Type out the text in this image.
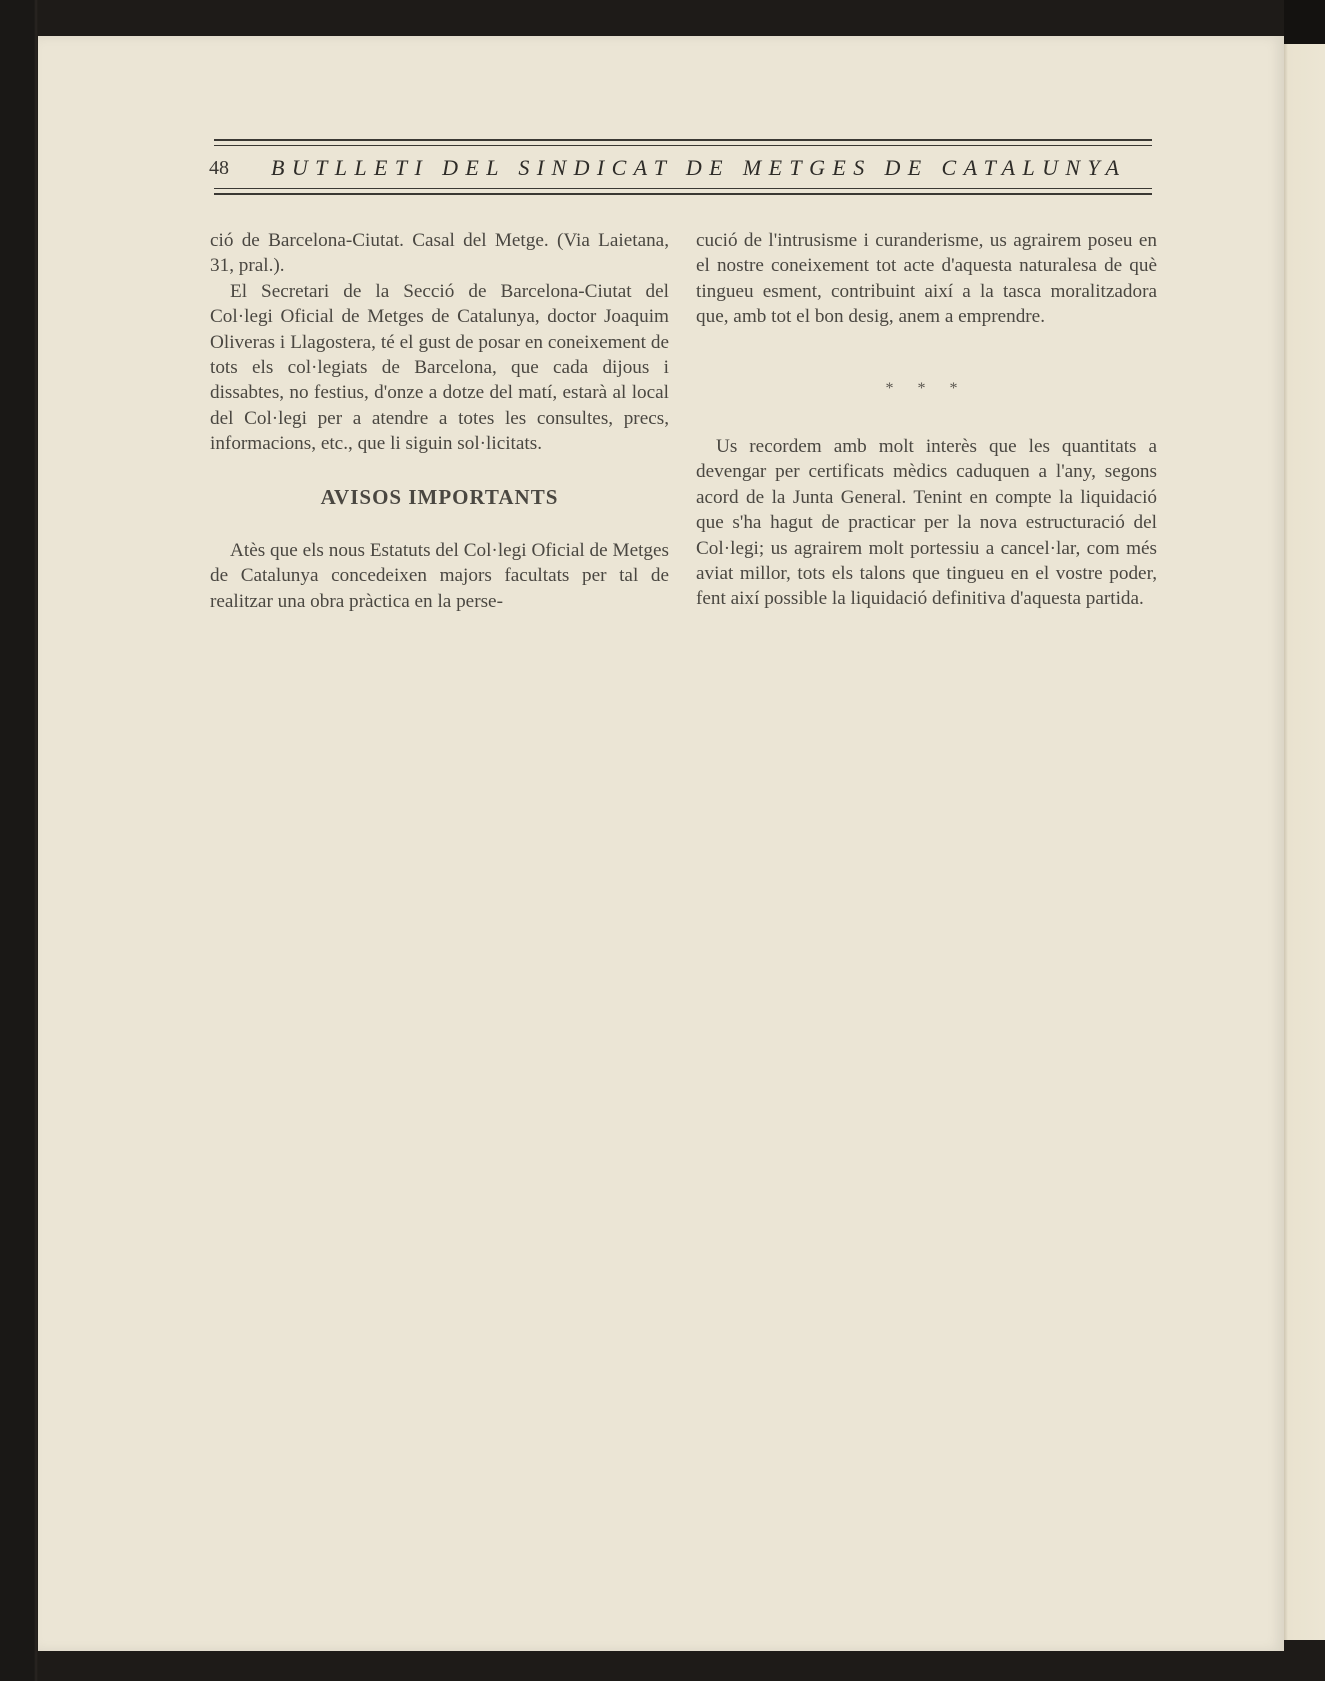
48 BUTLLETI DEL SINDICAT DE METGES DE CATALUNYA

ció de Barcelona-Ciutat. Casal del Metge. (Via Laietana, 31, pral.).

El Secretari de la Secció de Barcelona-Ciutat del Col·legi Oficial de Metges de Catalunya, doctor Joaquim Oliveras i Llagostera, té el gust de posar en coneixement de tots els col·legiats de Barcelona, que cada dijous i dissabtes, no festius, d'onze a dotze del matí, estarà al local del Col·legi per a atendre a totes les consultes, precs, informacions, etc., que li siguin sol·licitats.

AVISOS IMPORTANTS

Atès que els nous Estatuts del Col·legi Oficial de Metges de Catalunya concedeixen majors facultats per tal de realitzar una obra pràctica en la perse-

cució de l'intrusisme i curanderisme, us agrairem poseu en el nostre coneixement tot acte d'aquesta naturalesa de què tingueu esment, contribuint així a la tasca moralitzadora que, amb tot el bon desig, anem a emprendre.

* * *

Us recordem amb molt interès que les quantitats a devengar per certificats mèdics caduquen a l'any, segons acord de la Junta General. Tenint en compte la liquidació que s'ha hagut de practicar per la nova estructuració del Col·legi; us agrairem molt portessiu a cancel·lar, com més aviat millor, tots els talons que tingueu en el vostre poder, fent així possible la liquidació definitiva d'aquesta partida.
